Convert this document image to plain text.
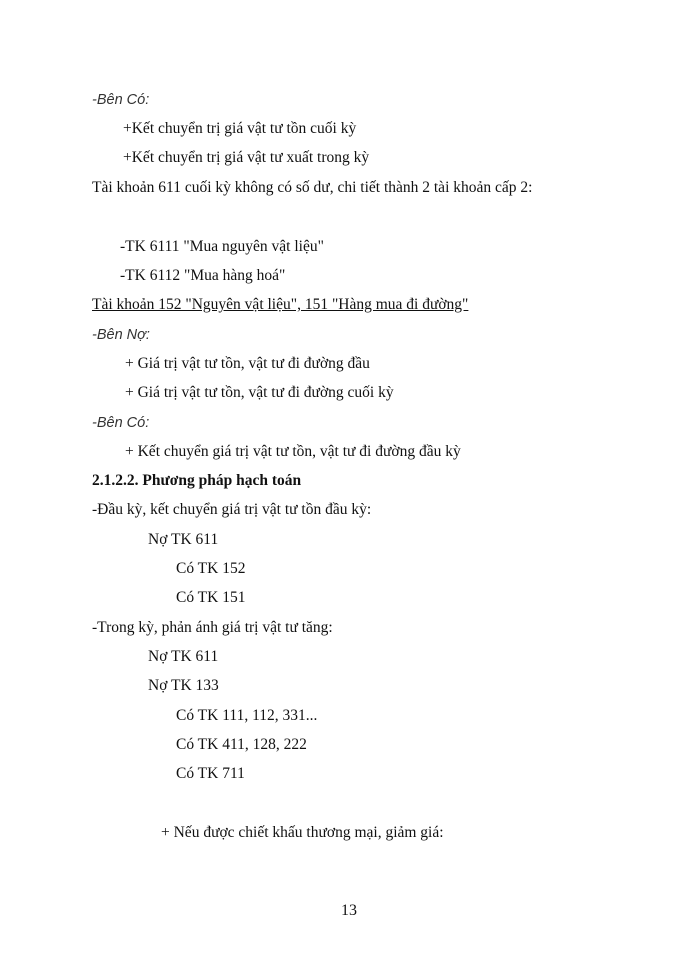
-Bên Có:
+Kết chuyển trị giá vật tư tồn cuối kỳ
+Kết chuyển trị giá vật tư xuất trong kỳ
Tài khoản 611 cuối kỳ không có số dư, chi tiết thành 2 tài khoản cấp 2:
-TK 6111 "Mua nguyên vật liệu"
-TK 6112 "Mua hàng hoá"
Tài khoản 152 "Nguyên vật liệu", 151 "Hàng mua đi đường"
-Bên Nợ:
+ Giá trị vật tư tồn, vật tư đi đường đầu
+ Giá trị vật tư tồn, vật tư đi đường cuối kỳ
-Bên Có:
+ Kết chuyển giá trị vật tư tồn, vật tư đi đường đầu kỳ
2.1.2.2. Phương pháp hạch toán
-Đầu kỳ, kết chuyển giá trị vật tư tồn đầu kỳ:
Nợ TK 611
Có TK 152
Có TK 151
-Trong kỳ, phản ánh giá trị vật tư tăng:
Nợ TK 611
Nợ TK 133
Có TK 111, 112, 331...
Có TK 411, 128, 222
Có TK 711
+ Nếu được chiết khấu thương mại, giảm giá:
13
